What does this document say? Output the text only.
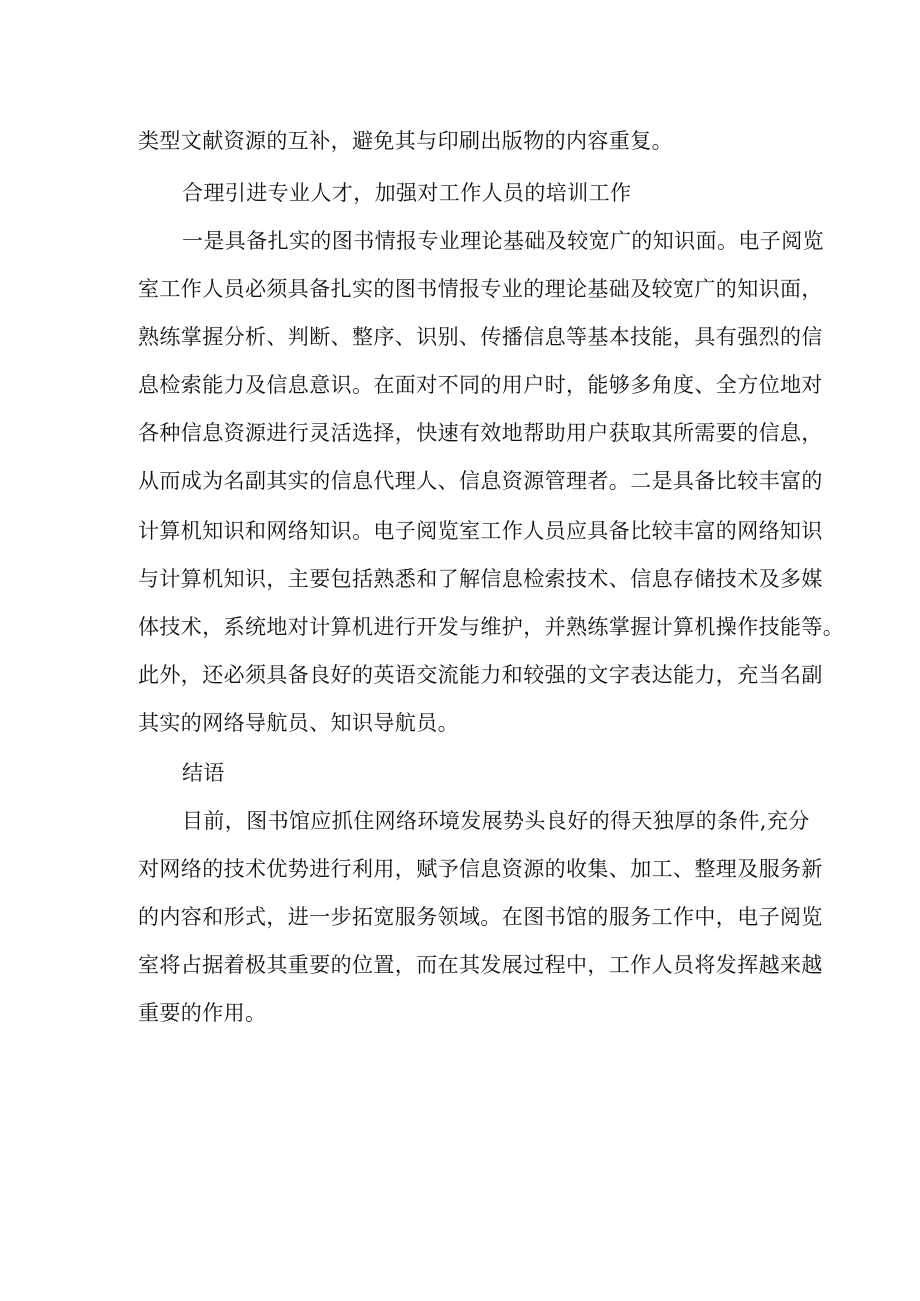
类型文献资源的互补，避免其与印刷出版物的内容重复。
合理引进专业人才，加强对工作人员的培训工作
一是具备扎实的图书情报专业理论基础及较宽广的知识面。电子阅览
室工作人员必须具备扎实的图书情报专业的理论基础及较宽广的知识面，
熟练掌握分析、判断、整序、识别、传播信息等基本技能，具有强烈的信
息检索能力及信息意识。在面对不同的用户时，能够多角度、全方位地对
各种信息资源进行灵活选择，快速有效地帮助用户获取其所需要的信息，
从而成为名副其实的信息代理人、信息资源管理者。二是具备比较丰富的
计算机知识和网络知识。电子阅览室工作人员应具备比较丰富的网络知识
与计算机知识，主要包括熟悉和了解信息检索技术、信息存储技术及多媒
体技术，系统地对计算机进行开发与维护，并熟练掌握计算机操作技能等。
此外，还必须具备良好的英语交流能力和较强的文字表达能力，充当名副
其实的网络导航员、知识导航员。
结语
目前，图书馆应抓住网络环境发展势头良好的得天独厚的条件,充分
对网络的技术优势进行利用，赋予信息资源的收集、加工、整理及服务新
的内容和形式，进一步拓宽服务领域。在图书馆的服务工作中，电子阅览
室将占据着极其重要的位置，而在其发展过程中，工作人员将发挥越来越
重要的作用。
